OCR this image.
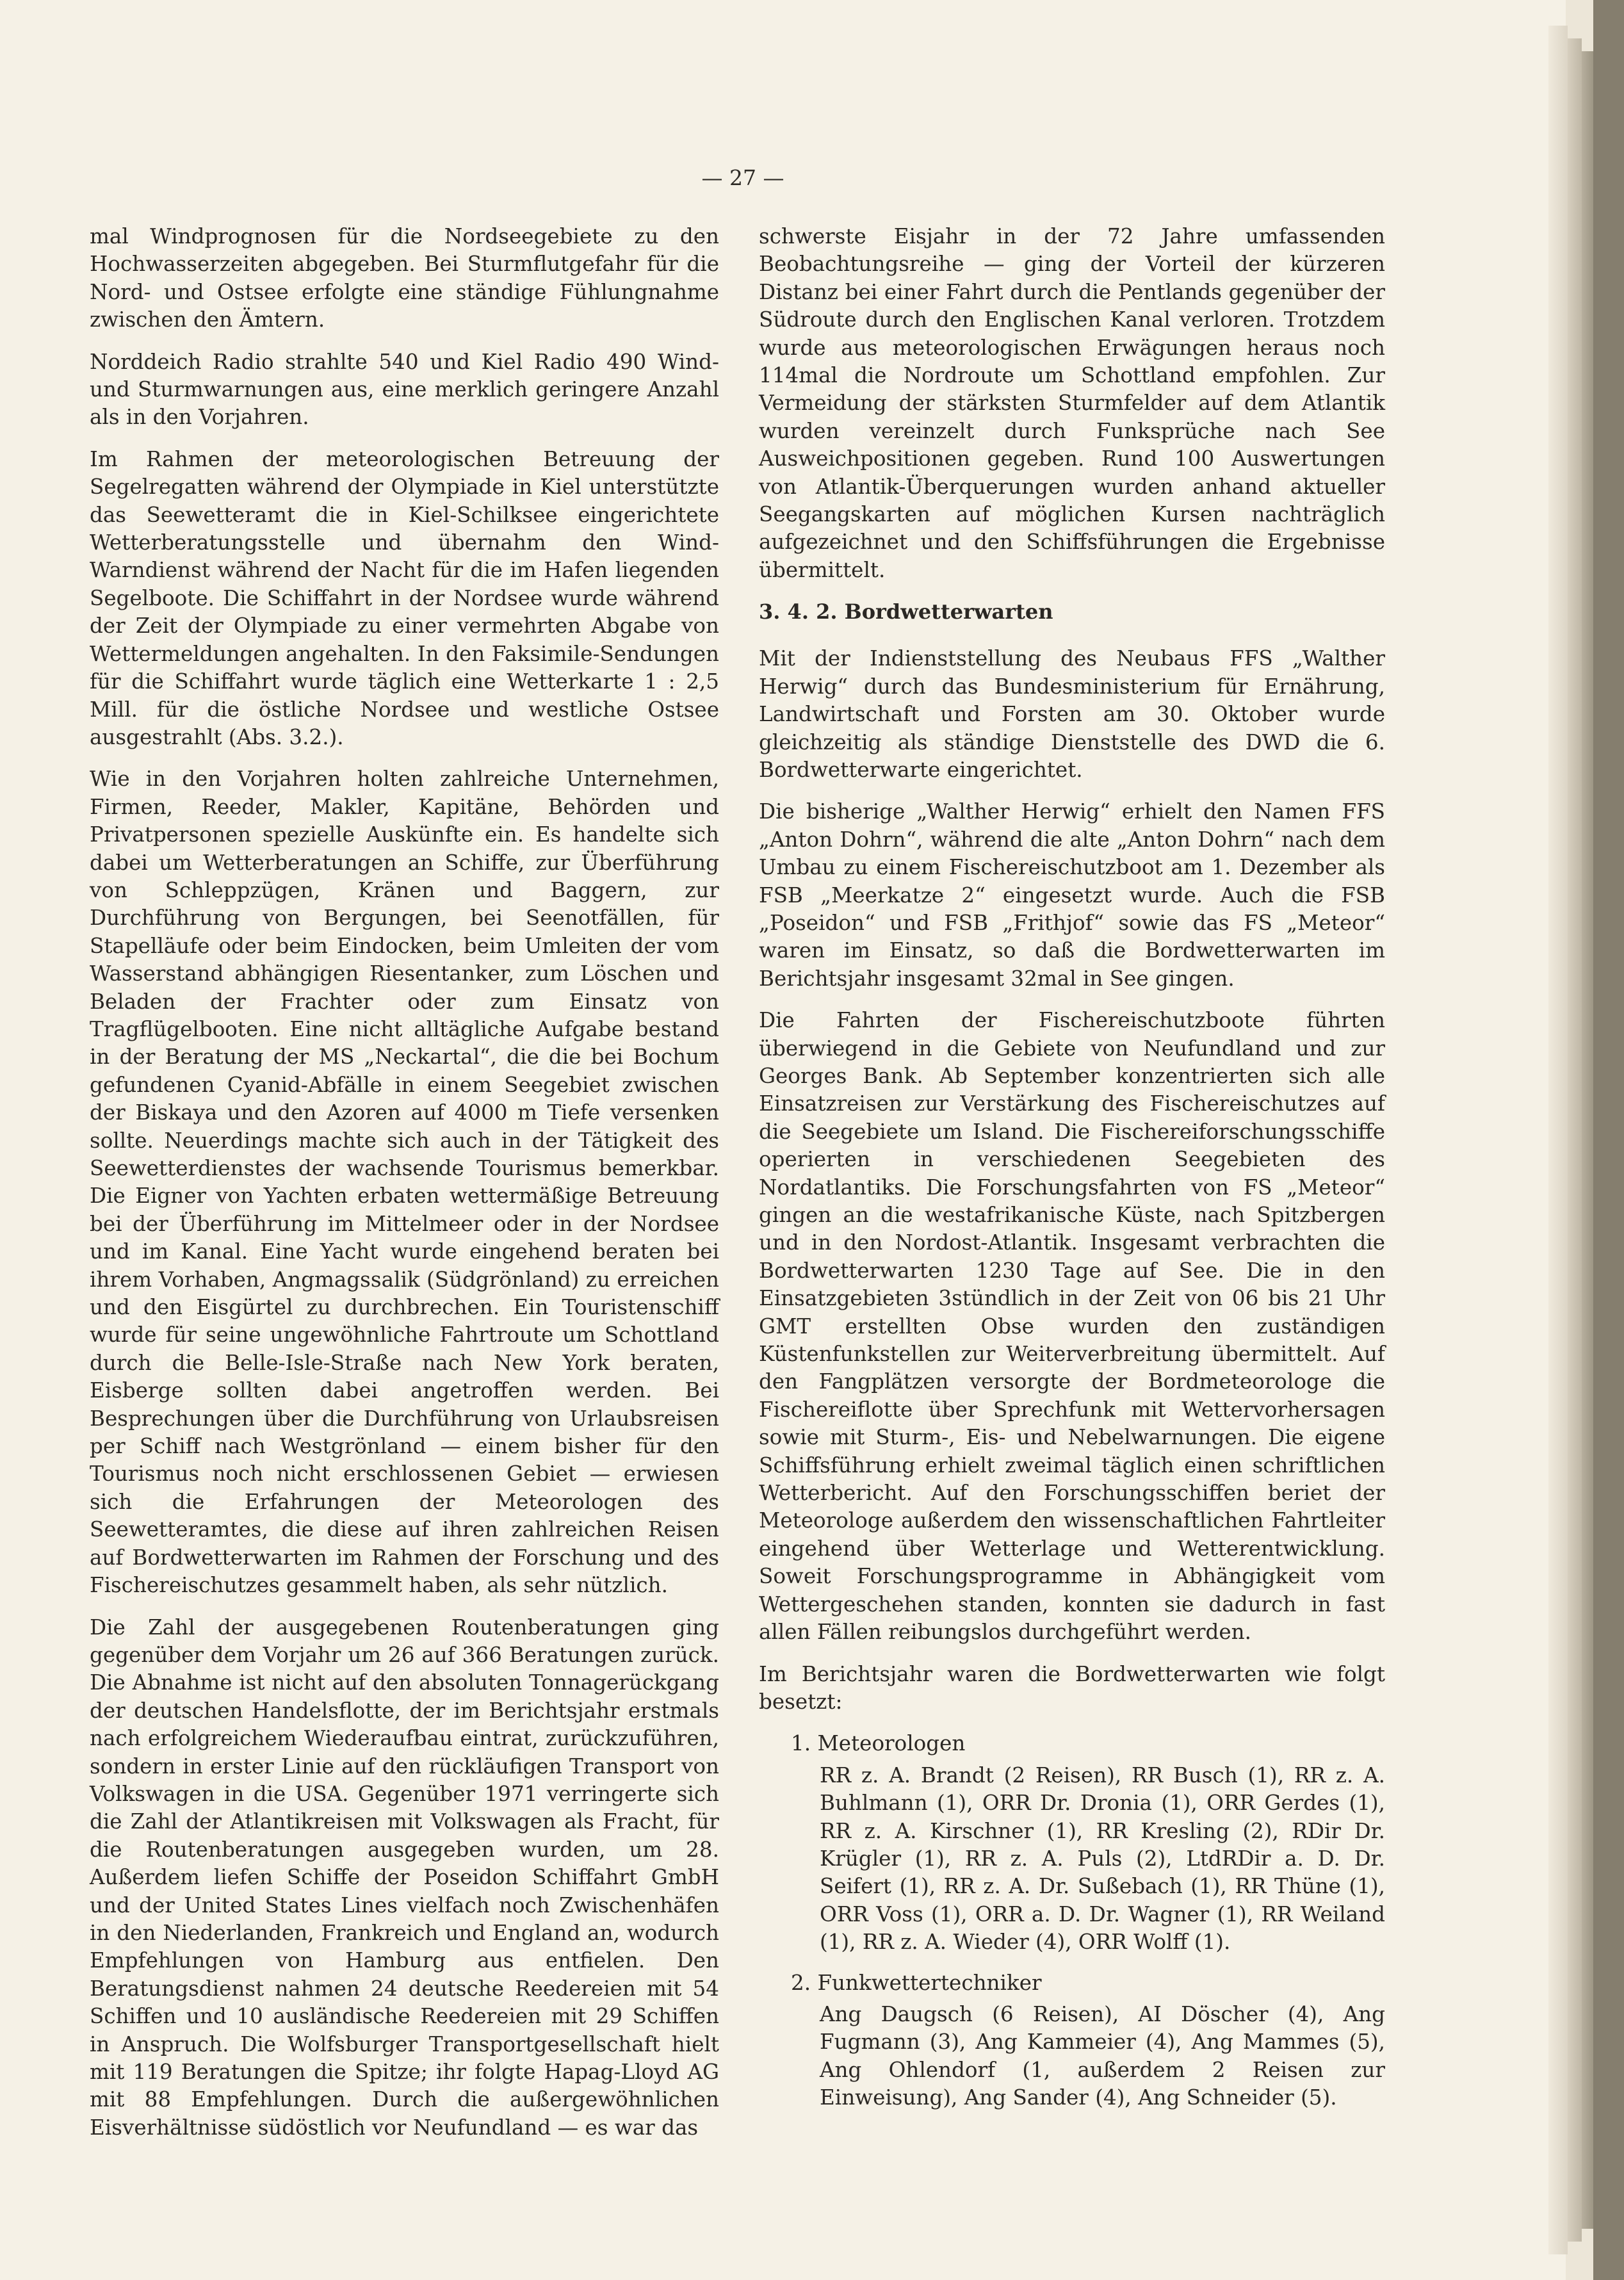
— 27 —

mal Windprognosen für die Nordseegebiete zu den Hochwasserzeiten abgegeben. Bei Sturmflutgefahr für die Nord- und Ostsee erfolgte eine ständige Fühlungnahme zwischen den Ämtern.

Norddeich Radio strahlte 540 und Kiel Radio 490 Wind- und Sturmwarnungen aus, eine merklich geringere Anzahl als in den Vorjahren.

Im Rahmen der meteorologischen Betreuung der Segelregatten während der Olympiade in Kiel unterstützte das Seewetteramt die in Kiel-Schilksee eingerichtete Wetterberatungsstelle und übernahm den Wind-Warndienst während der Nacht für die im Hafen liegenden Segelboote. Die Schiffahrt in der Nordsee wurde während der Zeit der Olympiade zu einer vermehrten Abgabe von Wettermeldungen angehalten. In den Faksimile-Sendungen für die Schiffahrt wurde täglich eine Wetterkarte 1 : 2,5 Mill. für die östliche Nordsee und westliche Ostsee ausgestrahlt (Abs. 3.2.).

Wie in den Vorjahren holten zahlreiche Unternehmen, Firmen, Reeder, Makler, Kapitäne, Behörden und Privatpersonen spezielle Auskünfte ein. Es handelte sich dabei um Wetterberatungen an Schiffe, zur Überführung von Schleppzügen, Kränen und Baggern, zur Durchführung von Bergungen, bei Seenotfällen, für Stapelläufe oder beim Eindocken, beim Umleiten der vom Wasserstand abhängigen Riesentanker, zum Löschen und Beladen der Frachter oder zum Einsatz von Tragflügelbooten. Eine nicht alltägliche Aufgabe bestand in der Beratung der MS „Neckartal“, die die bei Bochum gefundenen Cyanid-Abfälle in einem Seegebiet zwischen der Biskaya und den Azoren auf 4000 m Tiefe versenken sollte. Neuerdings machte sich auch in der Tätigkeit des Seewetterdienstes der wachsende Tourismus bemerkbar. Die Eigner von Yachten erbaten wettermäßige Betreuung bei der Überführung im Mittelmeer oder in der Nordsee und im Kanal. Eine Yacht wurde eingehend beraten bei ihrem Vorhaben, Angmagssalik (Südgrönland) zu erreichen und den Eisgürtel zu durchbrechen. Ein Touristenschiff wurde für seine ungewöhnliche Fahrtroute um Schottland durch die Belle-Isle-Straße nach New York beraten, Eisberge sollten dabei angetroffen werden. Bei Besprechungen über die Durchführung von Urlaubsreisen per Schiff nach Westgrönland — einem bisher für den Tourismus noch nicht erschlossenen Gebiet — erwiesen sich die Erfahrungen der Meteorologen des Seewetteramtes, die diese auf ihren zahlreichen Reisen auf Bordwetterwarten im Rahmen der Forschung und des Fischereischutzes gesammelt haben, als sehr nützlich.

Die Zahl der ausgegebenen Routenberatungen ging gegenüber dem Vorjahr um 26 auf 366 Beratungen zurück. Die Abnahme ist nicht auf den absoluten Tonnagerückgang der deutschen Handelsflotte, der im Berichtsjahr erstmals nach erfolgreichem Wiederaufbau eintrat, zurückzuführen, sondern in erster Linie auf den rückläufigen Transport von Volkswagen in die USA. Gegenüber 1971 verringerte sich die Zahl der Atlantikreisen mit Volkswagen als Fracht, für die Routenberatungen ausgegeben wurden, um 28. Außerdem liefen Schiffe der Poseidon Schiffahrt GmbH und der United States Lines vielfach noch Zwischenhäfen in den Niederlanden, Frankreich und England an, wodurch Empfehlungen von Hamburg aus entfielen. Den Beratungsdienst nahmen 24 deutsche Reedereien mit 54 Schiffen und 10 ausländische Reedereien mit 29 Schiffen in Anspruch. Die Wolfsburger Transportgesellschaft hielt mit 119 Beratungen die Spitze; ihr folgte Hapag-Lloyd AG mit 88 Empfehlungen. Durch die außergewöhnlichen Eisverhältnisse südöstlich vor Neufundland — es war das

schwerste Eisjahr in der 72 Jahre umfassenden Beobachtungsreihe — ging der Vorteil der kürzeren Distanz bei einer Fahrt durch die Pentlands gegenüber der Südroute durch den Englischen Kanal verloren. Trotzdem wurde aus meteorologischen Erwägungen heraus noch 114mal die Nordroute um Schottland empfohlen. Zur Vermeidung der stärksten Sturmfelder auf dem Atlantik wurden vereinzelt durch Funksprüche nach See Ausweichpositionen gegeben. Rund 100 Auswertungen von Atlantik-Überquerungen wurden anhand aktueller Seegangskarten auf möglichen Kursen nachträglich aufgezeichnet und den Schiffsführungen die Ergebnisse übermittelt.

3. 4. 2. Bordwetterwarten

Mit der Indienststellung des Neubaus FFS „Walther Herwig“ durch das Bundesministerium für Ernährung, Landwirtschaft und Forsten am 30. Oktober wurde gleichzeitig als ständige Dienststelle des DWD die 6. Bordwetterwarte eingerichtet.

Die bisherige „Walther Herwig“ erhielt den Namen FFS „Anton Dohrn“, während die alte „Anton Dohrn“ nach dem Umbau zu einem Fischereischutzboot am 1. Dezember als FSB „Meerkatze 2“ eingesetzt wurde. Auch die FSB „Poseidon“ und FSB „Frithjof“ sowie das FS „Meteor“ waren im Einsatz, so daß die Bordwetterwarten im Berichtsjahr insgesamt 32mal in See gingen.

Die Fahrten der Fischereischutzboote führten überwiegend in die Gebiete von Neufundland und zur Georges Bank. Ab September konzentrierten sich alle Einsatzreisen zur Verstärkung des Fischereischutzes auf die Seegebiete um Island. Die Fischereiforschungsschiffe operierten in verschiedenen Seegebieten des Nordatlantiks. Die Forschungsfahrten von FS „Meteor“ gingen an die westafrikanische Küste, nach Spitzbergen und in den Nordost-Atlantik. Insgesamt verbrachten die Bordwetterwarten 1230 Tage auf See. Die in den Einsatzgebieten 3stündlich in der Zeit von 06 bis 21 Uhr GMT erstellten Obse wurden den zuständigen Küstenfunkstellen zur Weiterverbreitung übermittelt. Auf den Fangplätzen versorgte der Bordmeteorologe die Fischereiflotte über Sprechfunk mit Wettervorhersagen sowie mit Sturm-, Eis- und Nebelwarnungen. Die eigene Schiffsführung erhielt zweimal täglich einen schriftlichen Wetterbericht. Auf den Forschungsschiffen beriet der Meteorologe außerdem den wissenschaftlichen Fahrtleiter eingehend über Wetterlage und Wetterentwicklung. Soweit Forschungsprogramme in Abhängigkeit vom Wettergeschehen standen, konnten sie dadurch in fast allen Fällen reibungslos durchgeführt werden.

Im Berichtsjahr waren die Bordwetterwarten wie folgt besetzt:

1. Meteorologen
RR z. A. Brandt (2 Reisen), RR Busch (1), RR z. A. Buhlmann (1), ORR Dr. Dronia (1), ORR Gerdes (1), RR z. A. Kirschner (1), RR Kresling (2), RDir Dr. Krügler (1), RR z. A. Puls (2), LtdRDir a. D. Dr. Seifert (1), RR z. A. Dr. Sußebach (1), RR Thüne (1), ORR Voss (1), ORR a. D. Dr. Wagner (1), RR Weiland (1), RR z. A. Wieder (4), ORR Wolff (1).
2. Funkwettertechniker
Ang Daugsch (6 Reisen), AI Döscher (4), Ang Fugmann (3), Ang Kammeier (4), Ang Mammes (5), Ang Ohlendorf (1, außerdem 2 Reisen zur Einweisung), Ang Sander (4), Ang Schneider (5).
